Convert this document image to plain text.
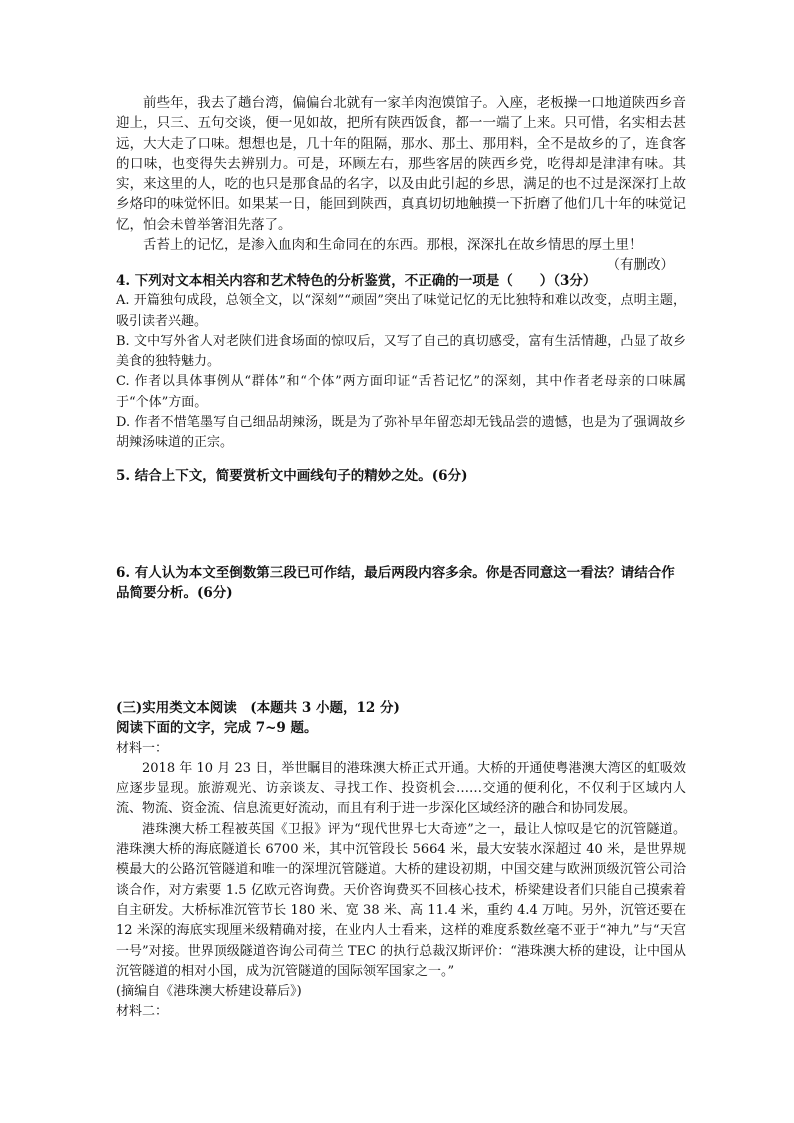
前些年，我去了趟台湾，偏偏台北就有一家羊肉泡馍馆子。入座，老板操一口地道陕西乡音迎上，只三、五句交谈，便一见如故，把所有陕西饭食，都一一端了上来。只可惜，名实相去甚远，大大走了口味。想想也是，几十年的阻隔，那水、那土、那用料，全不是故乡的了，连食客的口味，也变得失去辨别力。可是，环顾左右，那些客居的陕西乡党，吃得却是津津有味。其实，来这里的人，吃的也只是那食品的名字，以及由此引起的乡思，满足的也不过是深深打上故乡烙印的味觉怀旧。如果某一日，能回到陕西，真真切切地触摸一下折磨了他们几十年的味觉记忆，怕会未曾举箸泪先落了。

舌苔上的记忆，是渗入血肉和生命同在的东西。那根，深深扎在故乡情思的厚土里！

（有删改）

4. 下列对文本相关内容和艺术特色的分析鉴赏，不正确的一项是（　　）（3分）

A. 开篇独句成段，总领全文，以“深刻”“顽固”突出了味觉记忆的无比独特和难以改变，点明主题，吸引读者兴趣。

B. 文中写外省人对老陕们进食场面的惊叹后，又写了自己的真切感受，富有生活情趣，凸显了故乡美食的独特魅力。

C. 作者以具体事例从“群体”和“个体”两方面印证“舌苔记忆”的深刻，其中作者老母亲的口味属于“个体”方面。

D. 作者不惜笔墨写自己细品胡辣汤，既是为了弥补早年留恋却无钱品尝的遗憾，也是为了强调故乡胡辣汤味道的正宗。

5. 结合上下文，简要赏析文中画线句子的精妙之处。(6分)

6. 有人认为本文至倒数第三段已可作结，最后两段内容多余。你是否同意这一看法？请结合作品简要分析。(6分)

(三)实用类文本阅读　(本题共 3 小题，12 分)

阅读下面的文字，完成 7~9 题。

材料一：

2018 年 10 月 23 日，举世瞩目的港珠澳大桥正式开通。大桥的开通使粤港澳大湾区的虹吸效应逐步显现。旅游观光、访亲谈友、寻找工作、投资机会……交通的便利化，不仅利于区域内人流、物流、资金流、信息流更好流动，而且有利于进一步深化区域经济的融合和协同发展。

港珠澳大桥工程被英国《卫报》评为“现代世界七大奇迹”之一，最让人惊叹是它的沉管隧道。港珠澳大桥的海底隧道长 6700 米，其中沉管段长 5664 米，最大安装水深超过 40 米，是世界规模最大的公路沉管隧道和唯一的深埋沉管隧道。大桥的建设初期，中国交建与欧洲顶级沉管公司洽谈合作，对方索要 1.5 亿欧元咨询费。天价咨询费买不回核心技术，桥梁建设者们只能自己摸索着自主研发。大桥标准沉管节长 180 米、宽 38 米、高 11.4 米，重约 4.4 万吨。另外，沉管还要在 12 米深的海底实现厘米级精确对接，在业内人士看来，这样的难度系数丝毫不亚于“神九”与“天宫一号”对接。世界顶级隧道咨询公司荷兰 TEC 的执行总裁汉斯评价：“港珠澳大桥的建设，让中国从沉管隧道的相对小国，成为沉管隧道的国际领军国家之一。”

(摘编自《港珠澳大桥建设幕后》)

材料二：
